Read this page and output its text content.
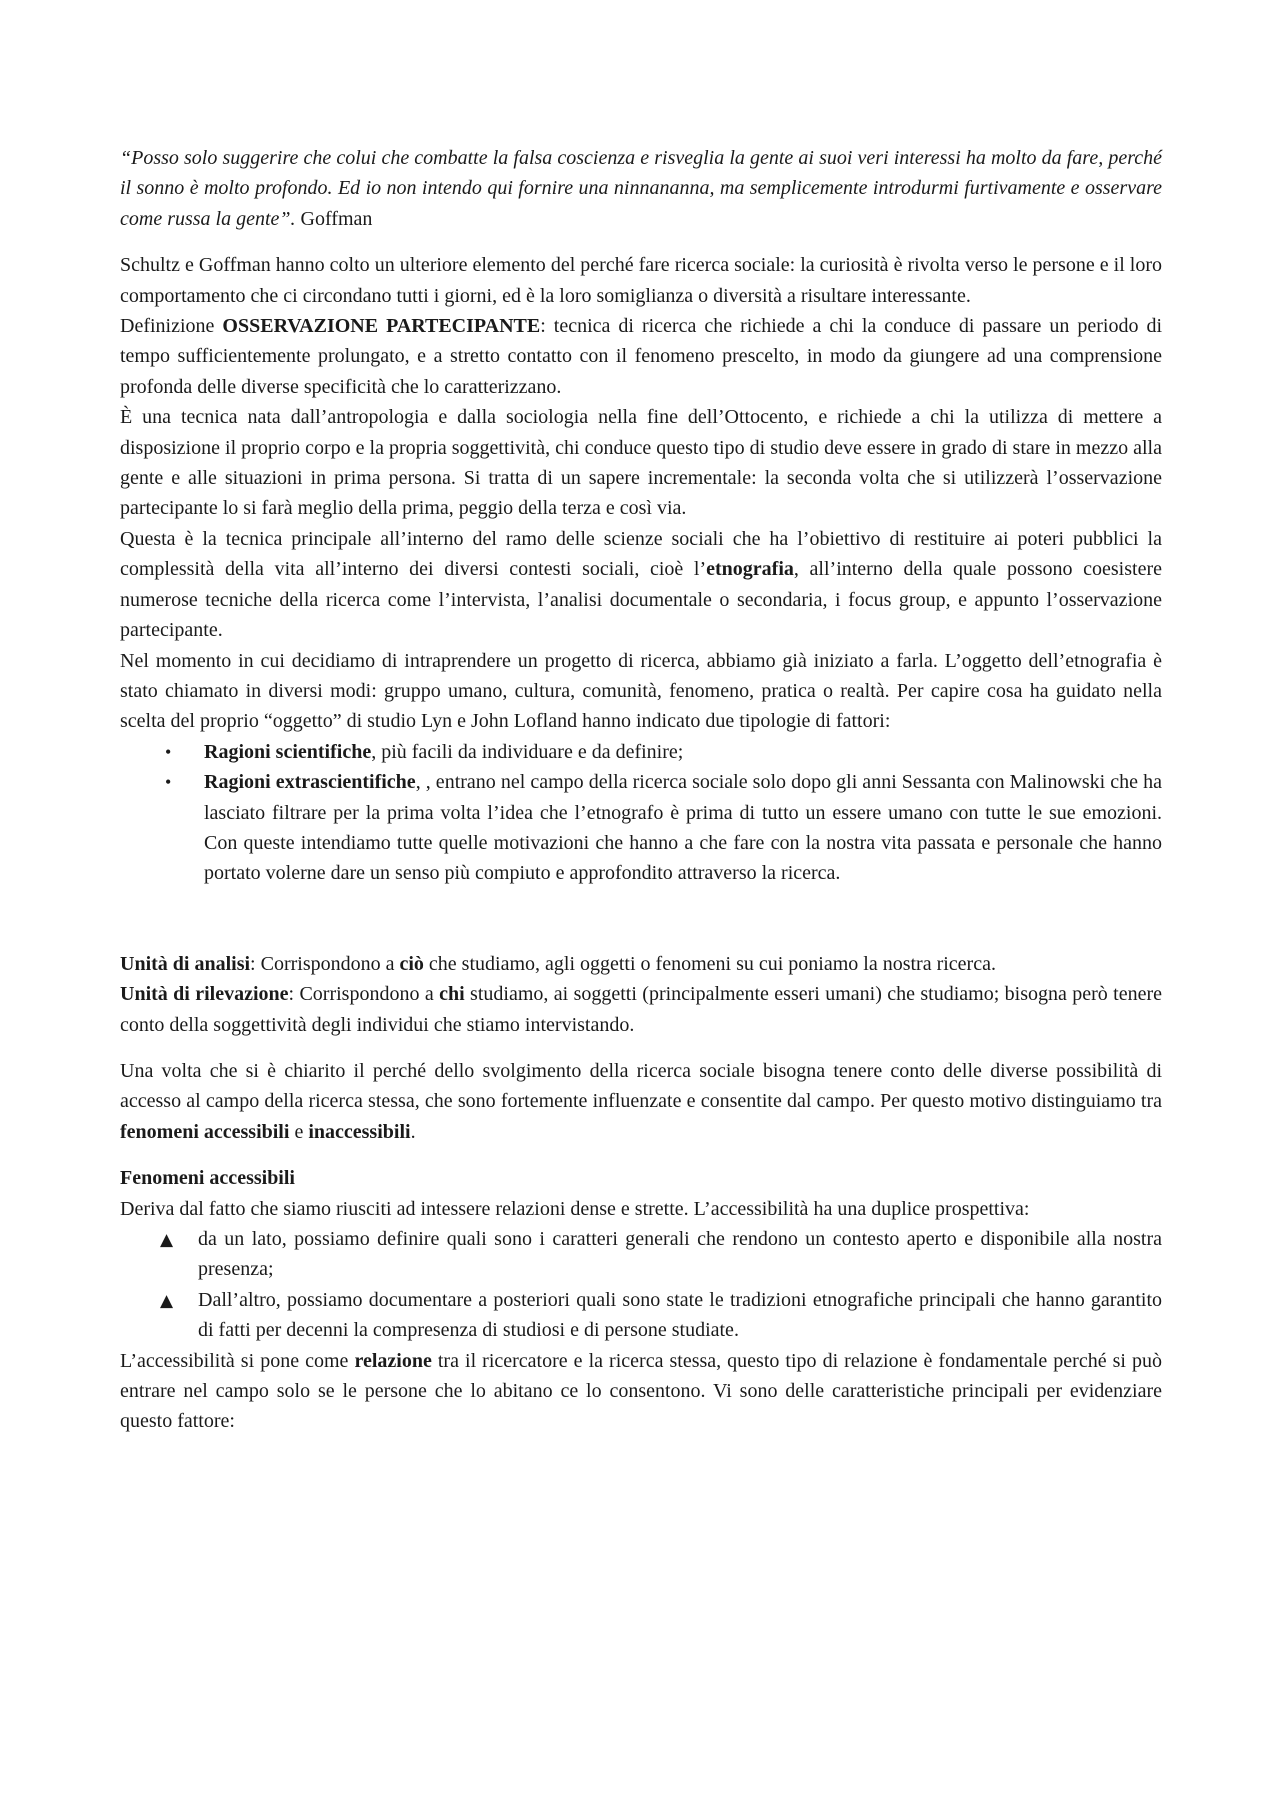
“Posso solo suggerire che colui che combatte la falsa coscienza e risveglia la gente ai suoi veri interessi ha molto da fare, perché il sonno è molto profondo. Ed io non intendo qui fornire una ninnananna, ma semplicemente introdurmi furtivamente e osservare come russa la gente”. Goffman

Schultz e Goffman hanno colto un ulteriore elemento del perché fare ricerca sociale: la curiosità è rivolta verso le persone e il loro comportamento che ci circondano tutti i giorni, ed è la loro somiglianza o diversità a risultare interessante.

Definizione OSSERVAZIONE PARTECIPANTE: tecnica di ricerca che richiede a chi la conduce di passare un periodo di tempo sufficientemente prolungato, e a stretto contatto con il fenomeno prescelto, in modo da giungere ad una comprensione profonda delle diverse specificità che lo caratterizzano.

È una tecnica nata dall’antropologia e dalla sociologia nella fine dell’Ottocento, e richiede a chi la utilizza di mettere a disposizione il proprio corpo e la propria soggettività, chi conduce questo tipo di studio deve essere in grado di stare in mezzo alla gente e alle situazioni in prima persona. Si tratta di un sapere incrementale: la seconda volta che si utilizzerà l’osservazione partecipante lo si farà meglio della prima, peggio della terza e così via.

Questa è la tecnica principale all’interno del ramo delle scienze sociali che ha l’obiettivo di restituire ai poteri pubblici la complessità della vita all’interno dei diversi contesti sociali, cioè l’etnografia, all’interno della quale possono coesistere numerose tecniche della ricerca come l’intervista, l’analisi documentale o secondaria, i focus group, e appunto l’osservazione partecipante.

Nel momento in cui decidiamo di intraprendere un progetto di ricerca, abbiamo già iniziato a farla. L’oggetto dell’etnografia è stato chiamato in diversi modi: gruppo umano, cultura, comunità, fenomeno, pratica o realtà. Per capire cosa ha guidato nella scelta del proprio “oggetto” di studio Lyn e John Lofland hanno indicato due tipologie di fattori:

• Ragioni scientifiche, più facili da individuare e da definire;
• Ragioni extrascientifiche, , entrano nel campo della ricerca sociale solo dopo gli anni Sessanta con Malinowski che ha lasciato filtrare per la prima volta l’idea che l’etnografo è prima di tutto un essere umano con tutte le sue emozioni. Con queste intendiamo tutte quelle motivazioni che hanno a che fare con la nostra vita passata e personale che hanno portato volerne dare un senso più compiuto e approfondito attraverso la ricerca.

Unità di analisi: Corrispondono a ciò che studiamo, agli oggetti o fenomeni su cui poniamo la nostra ricerca.

Unità di rilevazione: Corrispondono a chi studiamo, ai soggetti (principalmente esseri umani) che studiamo; bisogna però tenere conto della soggettività degli individui che stiamo intervistando.

Una volta che si è chiarito il perché dello svolgimento della ricerca sociale bisogna tenere conto delle diverse possibilità di accesso al campo della ricerca stessa, che sono fortemente influenzate e consentite dal campo. Per questo motivo distinguiamo tra fenomeni accessibili e inaccessibili.

Fenomeni accessibili

Deriva dal fatto che siamo riusciti ad intessere relazioni dense e strette. L’accessibilità ha una duplice prospettiva:

▲ da un lato, possiamo definire quali sono i caratteri generali che rendono un contesto aperto e disponibile alla nostra presenza;
▲ Dall’altro, possiamo documentare a posteriori quali sono state le tradizioni etnografiche principali che hanno garantito di fatti per decenni la compresenza di studiosi e di persone studiate.

L’accessibilità si pone come relazione tra il ricercatore e la ricerca stessa, questo tipo di relazione è fondamentale perché si può entrare nel campo solo se le persone che lo abitano ce lo consentono. Vi sono delle caratteristiche principali per evidenziare questo fattore:
